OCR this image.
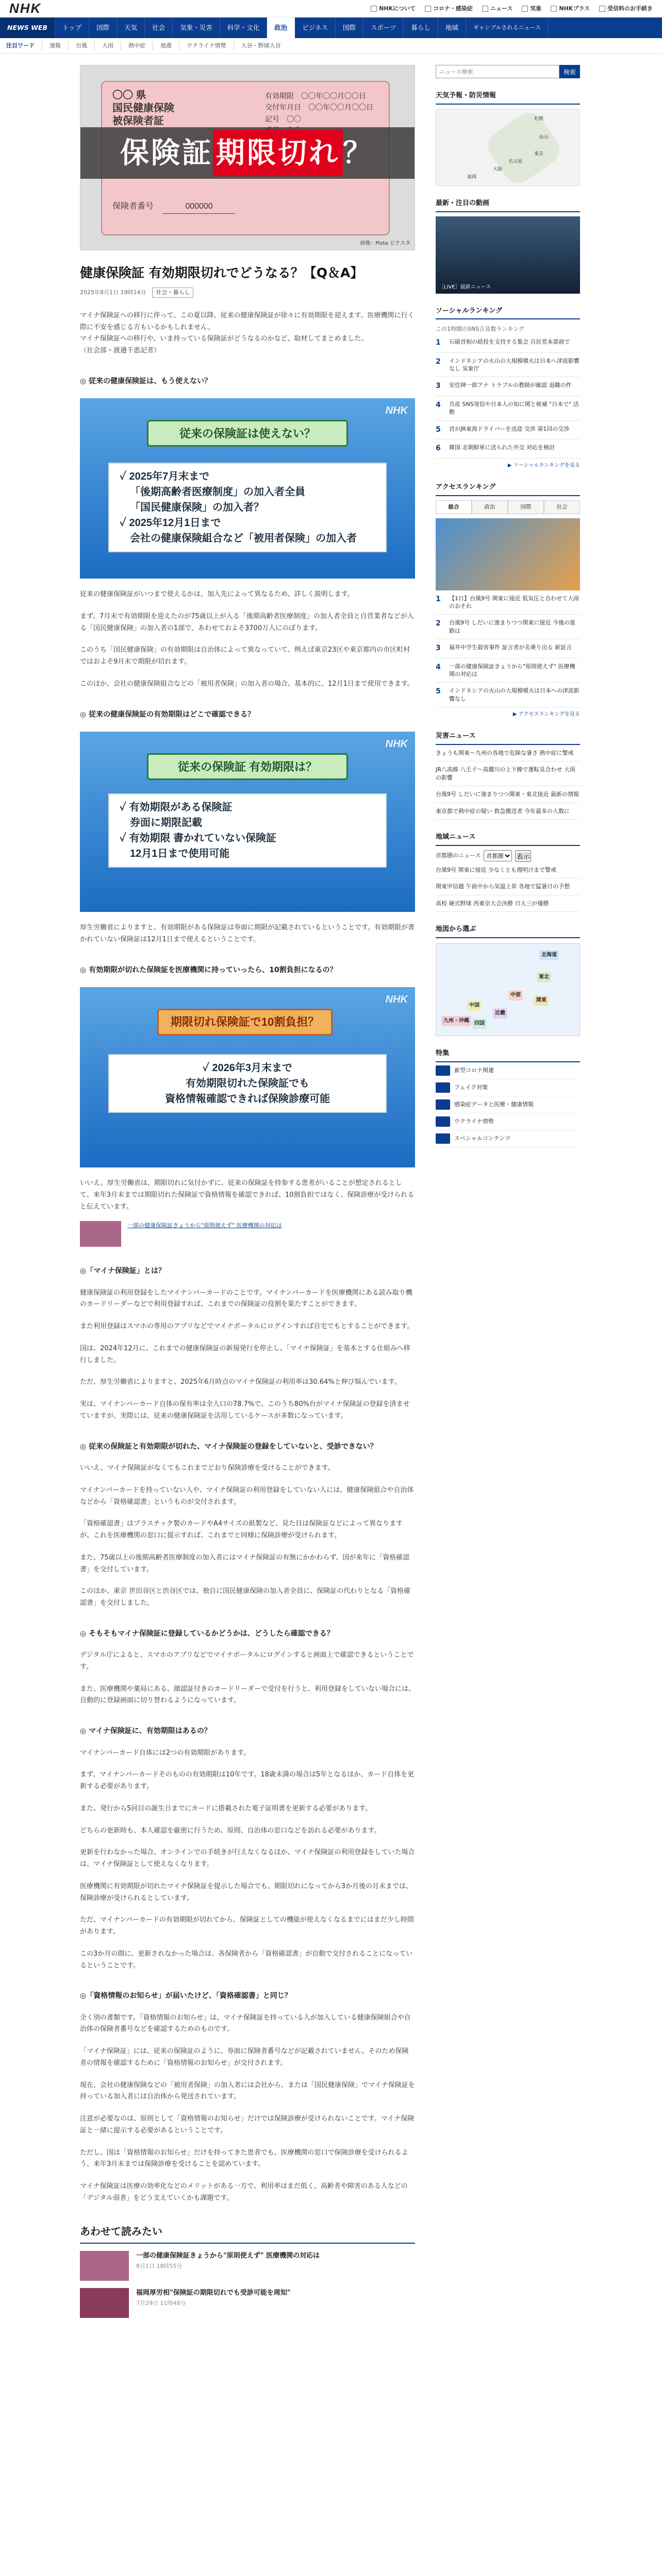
NHK	NHKについて	コロナ・感染症	ニュース	気象	NHKプラス	受信料のお手続き
NEWS WEB	トップ	国際	天気	社会	気象・災害	科学・文化	政治	ビジネス	国際	スポーツ	暮らし	地域	ギャンブルされるニュース
注目ワード	速報	台風	大雨	熱中症	地震	ウクライナ情勢	大谷・野球大谷
〇〇 県
国民健康保険
被保険者証
有効期限　〇〇年〇〇月〇〇日
交付年月日　〇〇年〇〇月〇〇日
記号　〇〇

保険者番号	000000
保険証 期限切れ ？
画像：Pixta ピクスタ
健康保険証 有効期限切れでどうなる？【Q＆A】
2025年8月1日 19時14分	社会・暮らし

マイナ保険証への移行に伴って、この夏以降、従来の健康保険証が徐々に有効期限を迎えます。医療機関に行く際に不安を感じる方もいるかもしれません。
マイナ保険証への移行や、いま持っている保険証がどうなるのかなど、取材してまとめました。
（社会部・渡邉千恵記者）

◎ 従来の健康保険証は、もう使えない？
NHK
従来の保険証は使えない？
✓ 2025年7月末まで
「後期高齢者医療制度」の加入者全員
「国民健康保険」の加入者？
✓ 2025年12月1日まで
会社の健康保険組合など「被用者保険」の加入者

従来の健康保険証がいつまで使えるかは、加入先によって異なるため、詳しく説明します。

まず、7月末で有効期限を迎えたのが75歳以上が入る「後期高齢者医療制度」の加入者全員と自営業者などが入る「国民健康保険」の加入者の1部で、あわせておよそ3700万人にのぼります。

このうち「国民健康保険」の有効期限は自治体によって異なっていて、例えば東京23区や東京都内の市区町村ではおよそ9月末で期限が切れます。

このほか、会社の健康保険組合などの「被用者保険」の加入者の場合、基本的に、12月1日まで使用できます。

◎ 従来の健康保険証の有効期限はどこで確認できる？
NHK
従来の保険証 有効期限は？
✓ 有効期限がある保険証
券面に期限記載
✓ 有効期限 書かれていない保険証
12月1日まで使用可能

厚生労働省によりますと、有効期限がある保険証は券面に期限が記載されているということです。有効期限が書かれていない保険証は12月1日まで使えるということです。

◎ 有効期限が切れた保険証を医療機関に持っていったら、10割負担になるの？
NHK
期限切れ保険証で10割負担？
✓ 2026年3月末まで
有効期限切れた保険証でも
資格情報確認できれば保険診療可能

いいえ。厚生労働省は、期限切れに気付かずに、従来の保険証を持参する患者がいることが想定されるとして、来年3月末までは期限切れた保険証で資格情報を確認できれば、10割負担ではなく、保険診療が受けられると伝えています。

一部の健康保険証きょうから"原則使えず" 医療機関の対応は
◎「マイナ保険証」とは？

健康保険証の利用登録をしたマイナンバーカードのことです。マイナンバーカードを医療機関にある読み取り機のカードリーダーなどで利用登録すれば、これまでの保険証の役割を果たすことができます。

また利用登録はスマホの専用のアプリなどでマイナポータルにログインすれば自宅でもとすることができます。

国は、2024年12月に、これまでの健康保険証の新規発行を停止し、「マイナ保険証」を基本とする仕組みへ移行しました。

ただ、厚生労働省によりますと、2025年6月時点のマイナ保険証の利用率は30.64%と伸び悩んでいます。

実は、マイナンバーカード自体の保有率は全人口の78.7%で、このうち80%台がマイナ保険証の登録を済ませていますが、実際には、従来の健康保険証を活用しているケースが多数になっています。

◎ 従来の保険証と有効期限が切れた、マイナ保険証の登録をしていないと、受診できない？

いいえ。マイナ保険証がなくてもこれまでどおり保険診療を受けることができます。

マイナンバーカードを持っていない人や、マイナ保険証の利用登録をしていない人には、健康保険組合や自治体などから「資格確認書」というものが交付されます。

「資格確認書」はプラスチック製のカードやA4サイズの紙製など、見た目は保険証などによって異なりますが、これを医療機関の窓口に提示すれば、これまでと同様に保険診療が受けられます。

また、75歳以上の後期高齢者医療制度の加入者にはマイナ保険証の有無にかかわらず、国が来年に「資格確認書」を交付しています。

このほか、東京 世田谷区と渋谷区では、独自に国民健康保険の加入者全員に、保険証の代わりとなる「資格確認書」を交付しました。

◎ そもそもマイナ保険証に登録しているかどうかは、どうしたら確認できる？

デジタル庁によると、スマホのアプリなどでマイナポータルにログインすると画面上で確認できるということです。

また、医療機関や薬局にある、顔認証付きのカードリーダーで受付を行うと、利用登録をしていない場合には、自動的に登録画面に切り替わるようになっています。

◎ マイナ保険証に、有効期限はあるの？

マイナンバーカード自体には2つの有効期限があります。

まず、マイナンバーカードそのものの有効期限は10年です。18歳未満の場合は5年となるほか、カード自体を更新する必要があります。

また、発行から5回目の誕生日までにカードに搭載された電子証明書を更新する必要があります。

どちらの更新時も、本人確認を厳密に行うため、原則、自治体の窓口などを訪れる必要があります。

更新を行わなかった場合、オンラインでの手続きが行えなくなるほか、マイナ保険証の利用登録をしていた場合は、マイナ保険証として使えなくなります。

医療機関に有効期限が切れたマイナ保険証を提示した場合でも、期限切れになってから3か月後の月末までは、保険診療が受けられるとしています。

ただ、マイナンバーカードの有効期限が切れてから、保険証としての機能が使えなくなるまでにはまだ少し時間があります。

この3か月の間に、更新されなかった場合は、各保険者から「資格確認書」が自動で交付されることになっているということです。

◎「資格情報のお知らせ」が届いたけど、「資格確認書」と同じ？

全く別の書類です。「資格情報のお知らせ」は、マイナ保険証を持っている人が加入している健康保険組合や自治体の保険者番号などを確認するためのものです。

「マイナ保険証」には、従来の保険証のように、券面に保険者番号などが記載されていません。そのため保険者の情報を確認するために「資格情報のお知らせ」が交付されます。

現在、会社の健康保険などの「被用者保険」の加入者には会社から、または「国民健康保険」でマイナ保険証を持っている加入者には自治体から発送されています。

注意が必要なのは、原則として「資格情報のお知らせ」だけでは保険診療が受けられないことです。マイナ保険証と一緒に提示する必要があるということです。

ただし、国は「資格情報のお知らせ」だけを持ってきた患者でも、医療機関の窓口で保険診療を受けられるよう、来年3月末までは保険診療を受けることを認めています。

マイナ保険証は医療の効率化などのメリットがある一方で、利用率はまだ低く、高齢者や障害のある人などの「デジタル弱者」をどう支えていくかも課題です。

あわせて読みたい
一部の健康保険証きょうから"原則使えず" 医療機関の対応は
8月1日 18時55分
福岡厚労相"保険証の期限切れでも受診可能を周知"
7月29日 11時48分
ニュース検索
検索
天気予報・防災情報
札幌
仙台
東京
名古屋
大阪
福岡
最新・注目の動画
［LIVE］最新ニュース
ソーシャルランキング
この1時間のSNS言及数ランキング
1	石破首相の続投を支持する集会 自民党本部前で
2	インドネシアの火山の大規模噴火は日本へ津波影響なし 気象庁
3	安住紳一郎アナ トラブルの教師が確認 退職の件
4	共産 SNS発信や日本人の知に関と候補 "日本で" 活動
5	首がJR東海ドライバーを送迎 交渉 第1回の交渉
6	韓国 北朝鮮軍に送られた外交 対応を検討
▶ ソーシャルランキングを見る
アクセスランキング
総合	政治	国際	社会
1	【1日】台風9号 関東に接近 低気圧と合わせて大雨のおそれ
2	台風9号 しだいに強まりつつ関東に接近 今後の進路は
3	福井中学生殺害事件 証言者が名乗り出る 新証言
4	一部の健康保険証きょうから"原則使えず" 医療機関の対応は
5	インドネシアの火山の大規模噴火は日本への津波影響なし
▶ アクセスランキングを見る
災害ニュース
きょうも関東～九州の各地で危険な暑さ 熱中症に警戒
JR八高線 八王子～高麗川の上下線で運転見合わせ 大雨の影響
台風9号 しだいに強まりつつ関東・東北接近 最新の情報
東京都で熱中症の疑い 救急搬送者 今年最多の人数に
地域ニュース
首都圏のニュース
首都圏	表示
台風9号 関東に接近 少なくとも週明けまで警戒
関東甲信越 午前中から気温上昇 各地で猛暑日の予想
高校 硬式野球 西東京大会決勝 日大三が優勝
地図から選ぶ
北海道
東北
関東
中部
近畿
中国
四国
九州・沖縄
特集
新型コロナ関連
フェイク対策
感染症データと医療・健康情報
ウクライナ情勢
スペシャルコンテンツ
